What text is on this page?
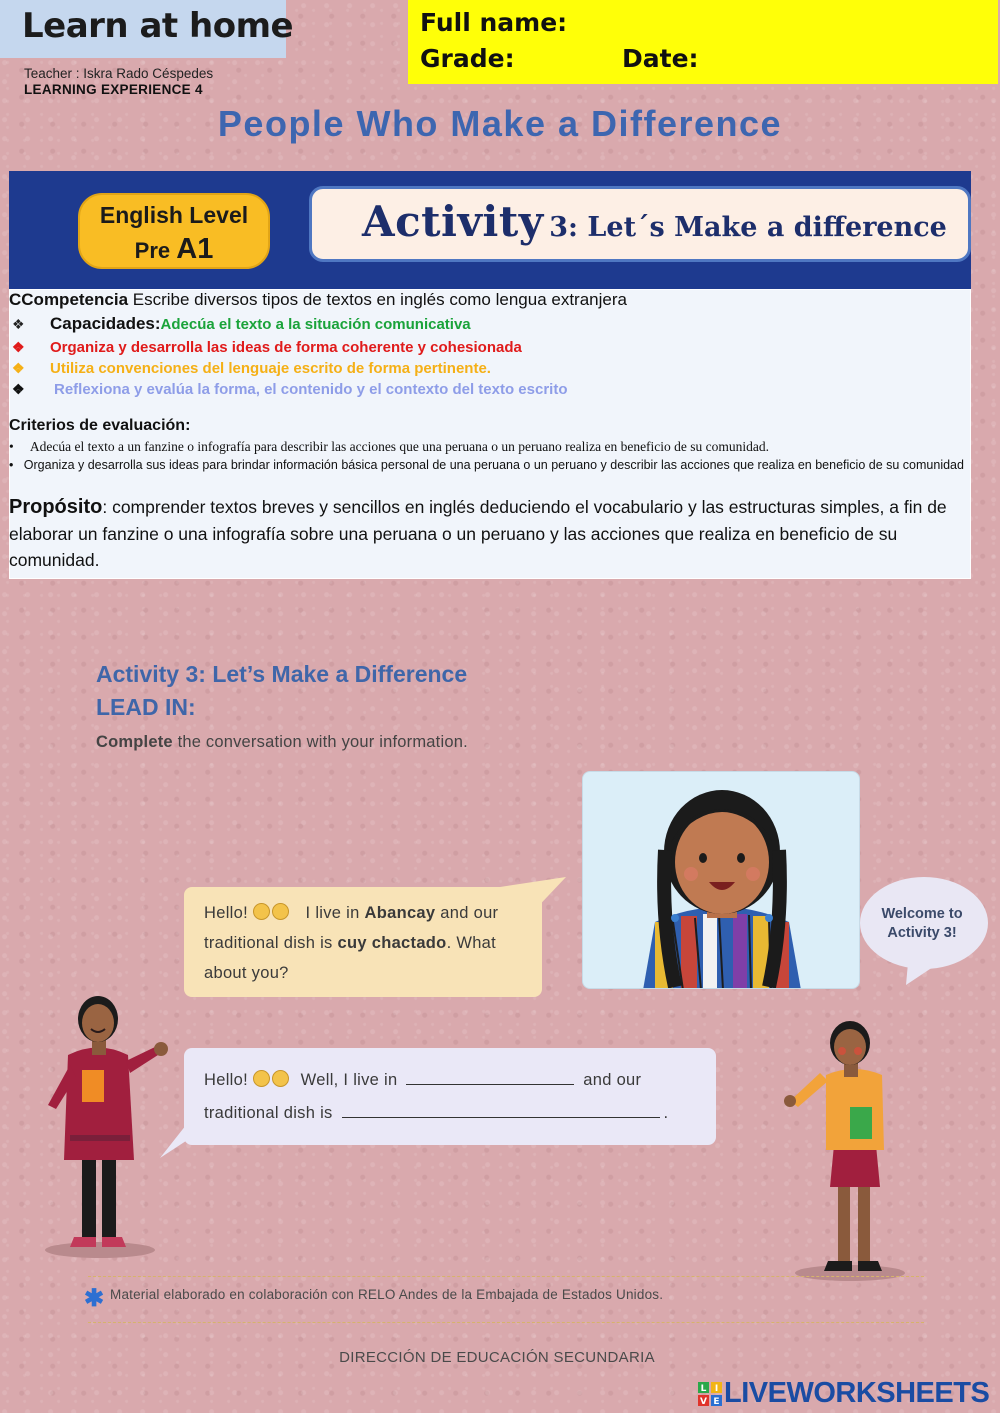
Learn at home
Teacher : Iskra Rado Céspedes
LEARNING EXPERIENCE 4
Full name:
Grade:	Date:
People Who Make a Difference
English Level
Pre A1
Activity 3: Let´s Make a difference
CCompetencia Escribe diversos tipos de textos en inglés como lengua extranjera
❖ Capacidades:Adecúa el texto a la situación comunicativa
❖ Organiza y desarrolla las ideas de forma coherente y cohesionada
❖ Utiliza convenciones del lenguaje escrito de forma pertinente.
❖ Reflexiona y evalúa la forma, el contenido y el contexto del texto escrito
Criterios de evaluación:
•     Adecúa el texto a un fanzine o infografía para describir las acciones que una peruana o un peruano realiza en beneficio de su comunidad.
•   Organiza y desarrolla sus ideas para brindar información básica personal de una peruana o un peruano y describir las acciones que realiza en beneficio de su comunidad
Propósito: comprender textos breves y sencillos en inglés deduciendo el vocabulario y las estructuras simples, a fin de elaborar un fanzine o una infografía sobre una peruana o un peruano y las acciones que realiza en beneficio de su comunidad.
Activity 3: Let’s Make a Difference
LEAD IN:
Complete the conversation with your information.
Hello!	I live in Abancay and our traditional dish is cuy chactado. What about you?
Hello!	Well, I live in	and our
traditional dish is	.
Welcome to Activity 3!
✱ Material elaborado en colaboración con RELO Andes de la Embajada de Estados Unidos.
DIRECCIÓN DE EDUCACIÓN SECUNDARIA
L I
V E LIVEWORKSHEETS
